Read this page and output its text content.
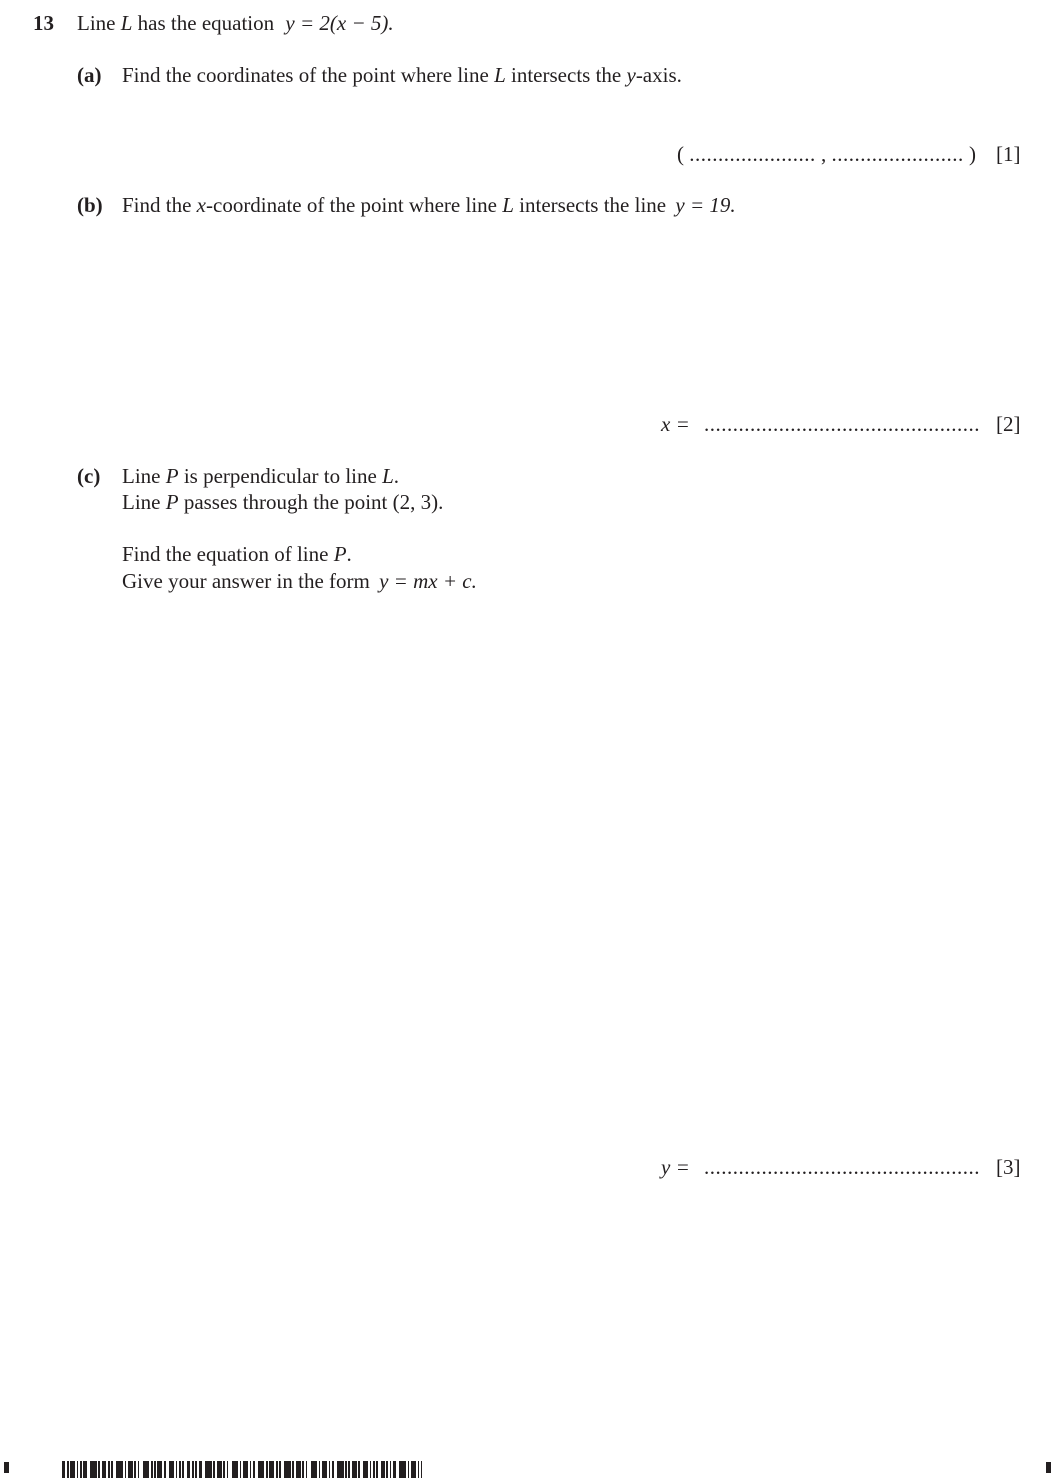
13 Line L has the equation y = 2(x − 5).
(a) Find the coordinates of the point where line L intersects the y-axis.
( ...................... , ....................... ) [1]
(b) Find the x-coordinate of the point where line L intersects the line y = 19.
x = ................................................ [2]
(c) Line P is perpendicular to line L.
Line P passes through the point (2, 3).
Find the equation of line P.
Give your answer in the form y = mx + c.
y = ................................................ [3]
